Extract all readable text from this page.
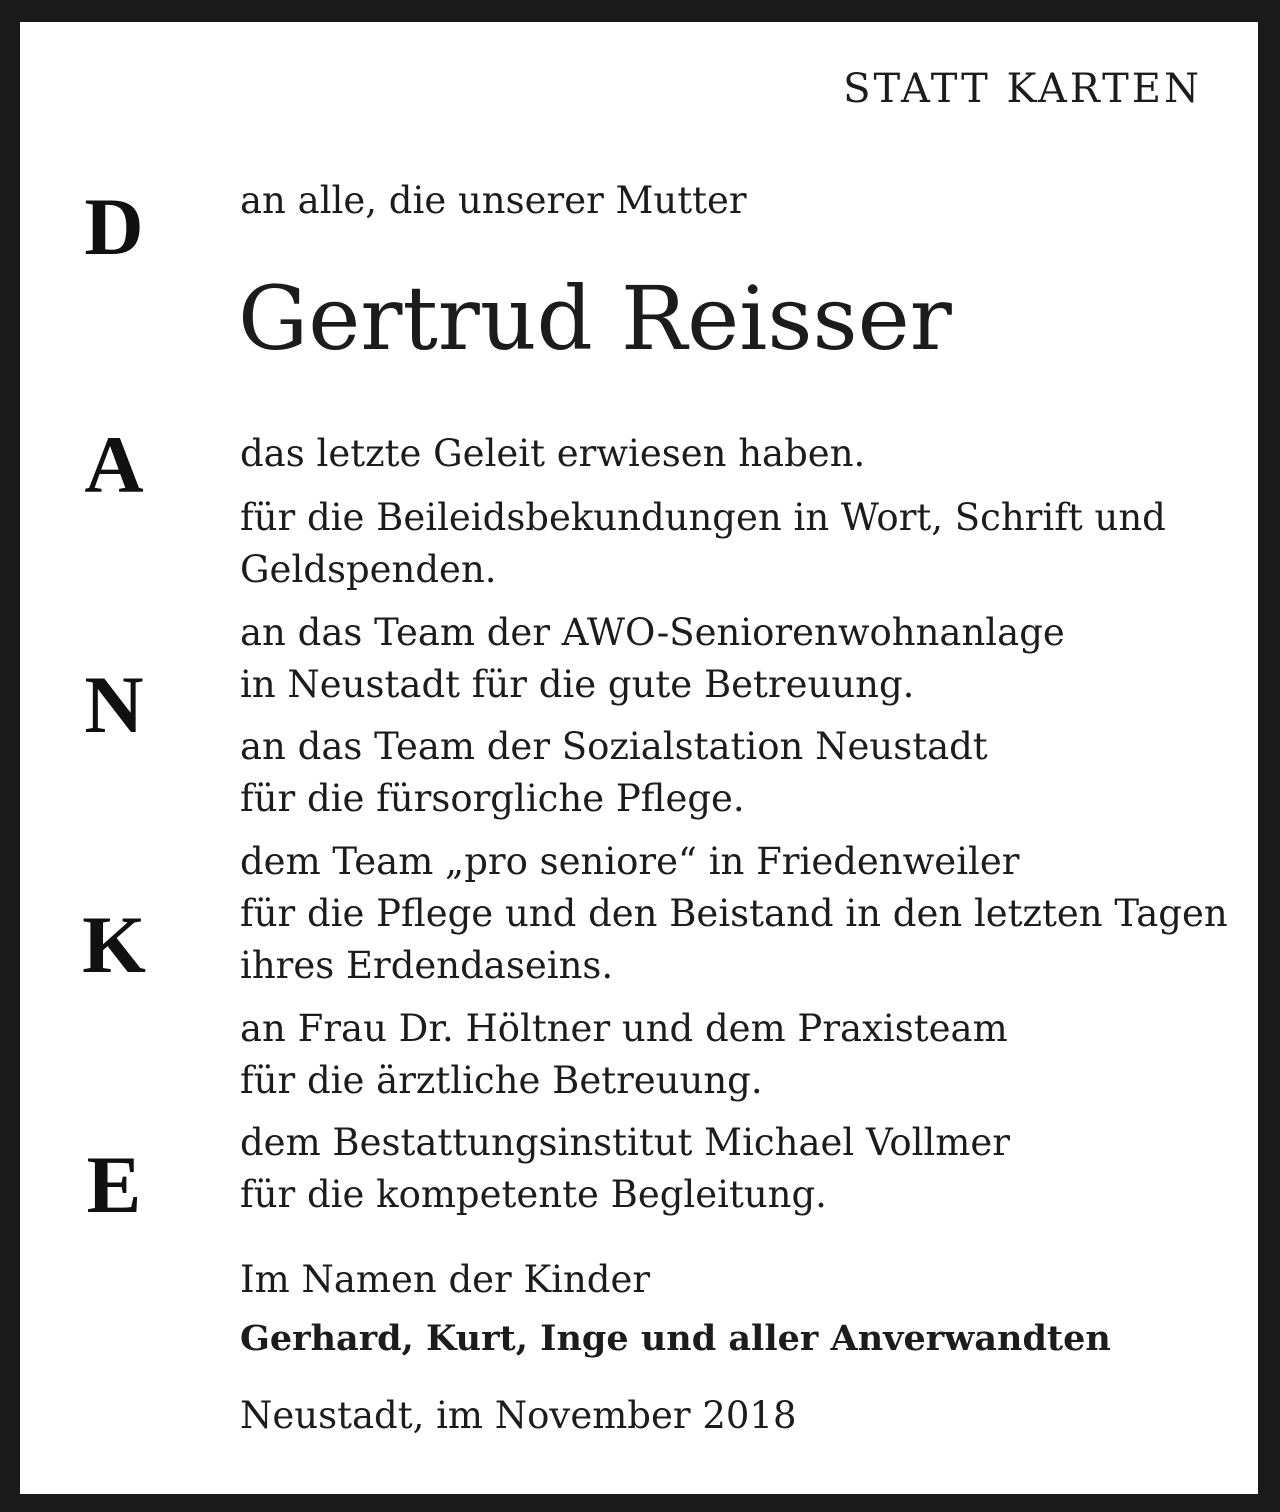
STATT KARTEN
D
A
N
K
E
an alle, die unserer Mutter
Gertrud Reisser
das letzte Geleit erwiesen haben.
für die Beileidsbekundungen in Wort, Schrift und
Geldspenden.
an das Team der AWO-Seniorenwohnanlage
in Neustadt für die gute Betreuung.
an das Team der Sozialstation Neustadt
für die fürsorgliche Pflege.
dem Team „pro seniore“ in Friedenweiler
für die Pflege und den Beistand in den letzten Tagen
ihres Erdendaseins.
an Frau Dr. Höltner und dem Praxisteam
für die ärztliche Betreuung.
dem Bestattungsinstitut Michael Vollmer
für die kompetente Begleitung.
Im Namen der Kinder
Gerhard, Kurt, Inge und aller Anverwandten
Neustadt, im November 2018
